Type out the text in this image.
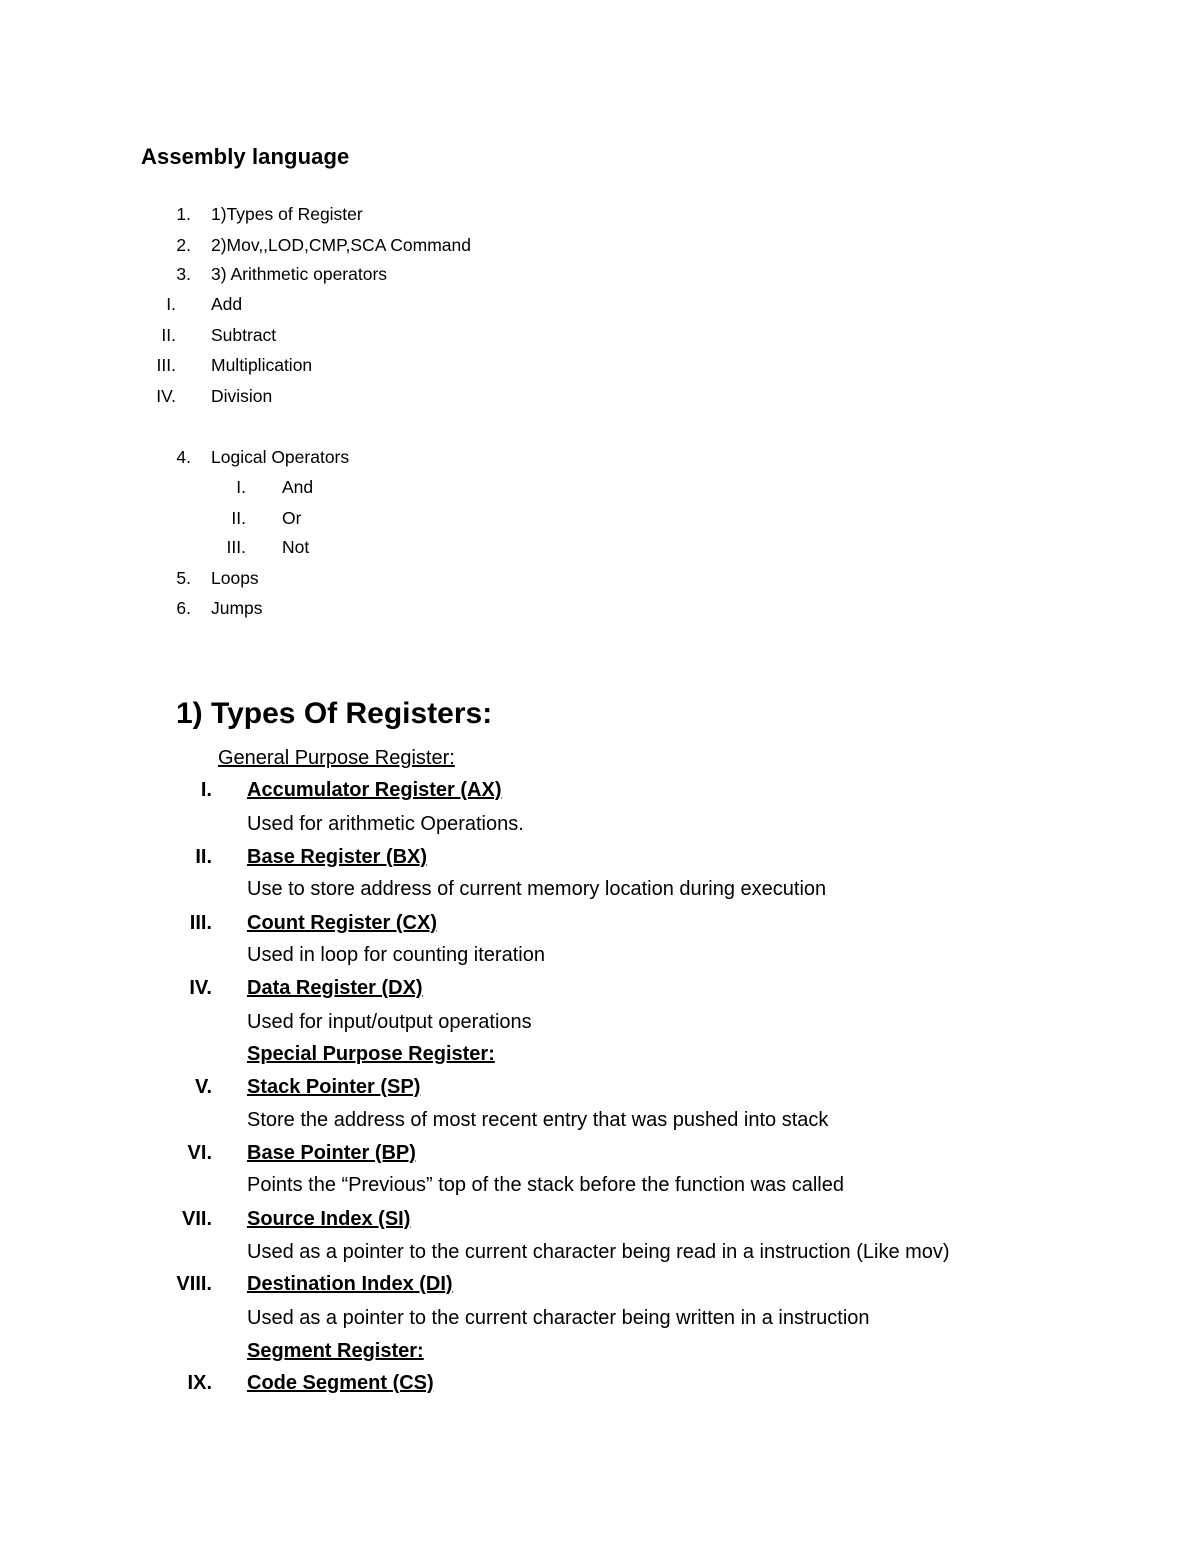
Assembly language
1. 1)Types of Register
2. 2)Mov,,LOD,CMP,SCA Command
3. 3) Arithmetic operators
I. Add
II. Subtract
III. Multiplication
IV. Division
4. Logical Operators
I. And
II. Or
III. Not
5. Loops
6. Jumps
1) Types Of Registers:
General Purpose Register:
I. Accumulator Register (AX)
Used for arithmetic Operations.
II. Base Register (BX)
Use to store address of current memory location during execution
III. Count Register (CX)
Used in loop for counting iteration
IV. Data Register (DX)
Used for input/output operations
Special Purpose Register:
V. Stack Pointer (SP)
Store the address of most recent entry that was pushed into stack
VI. Base Pointer (BP)
Points the “Previous” top of the stack before the function was called
VII. Source Index (SI)
Used as a pointer to the current character being read in a instruction (Like mov)
VIII. Destination Index (DI)
Used as a pointer to the current character being written in a instruction
Segment Register:
IX. Code Segment (CS)
